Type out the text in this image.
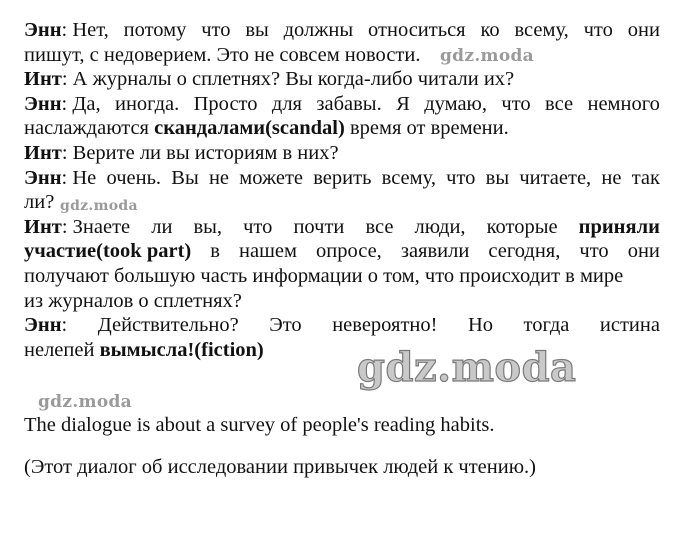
Энн: Нет, потому что вы должны относиться ко всему, что они
пишут, с недоверием. Это не совсем новости. gdz.moda
Инт: А журналы о сплетнях? Вы когда-либо читали их?
Энн: Да, иногда. Просто для забавы. Я думаю, что все немного
наслаждаются скандалами(scandal) время от времени.
Инт: Верите ли вы историям в них?
Энн: Не очень. Вы не можете верить всему, что вы читаете, не так
ли? gdz.moda
Инт: Знаете ли вы, что почти все люди, которые приняли
участие(took part) в нашем опросе, заявили сегодня, что они
получают большую часть информации о том, что происходит в мире
из журналов о сплетнях?
Энн: Действительно? Это невероятно! Но тогда истина
нелепей вымысла!(fiction)	gdz.moda
gdz.moda
The dialogue is about a survey of people's reading habits.
(Этот диалог об исследовании привычек людей к чтению.)
